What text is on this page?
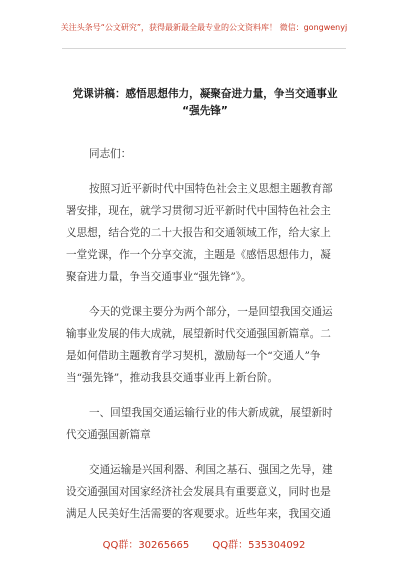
关注头条号“公文研究”，获得最新最全最专业的公文资料库！ 微信：gongwenyj
党课讲稿：感悟思想伟力，凝聚奋进力量，争当交通事业
“强先锋”
同志们：
按照习近平新时代中国特色社会主义思想主题教育部
署安排，现在，就学习贯彻习近平新时代中国特色社会主
义思想，结合党的二十大报告和交通领域工作，给大家上
一堂党课，作一个分享交流，主题是《感悟思想伟力，凝
聚奋进力量，争当交通事业“强先锋”》。
今天的党课主要分为两个部分，一是回望我国交通运
输事业发展的伟大成就，展望新时代交通强国新篇章。二
是如何借助主题教育学习契机，激励每一个“交通人”争
当“强先锋”，推动我县交通事业再上新台阶。
一、回望我国交通运输行业的伟大新成就，展望新时
代交通强国新篇章
交通运输是兴国利器、利国之基石、强国之先导，建
设交通强国对国家经济社会发展具有重要意义，同时也是
满足人民美好生活需要的客观要求。近些年来，我国交通
QQ群：30265665 QQ群：535304092
